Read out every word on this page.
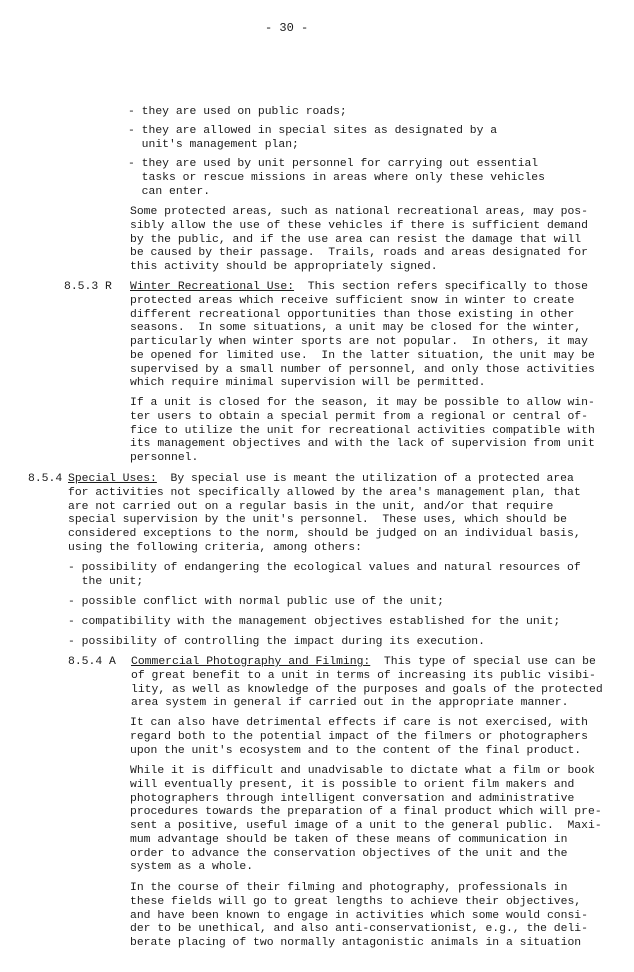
- 30 -
- they are used on public roads;
- they are allowed in special sites as designated by a
unit's management plan;
- they are used by unit personnel for carrying out essential
tasks or rescue missions in areas where only these vehicles
can enter.
Some protected areas, such as national recreational areas, may pos-
sibly allow the use of these vehicles if there is sufficient demand
by the public, and if the use area can resist the damage that will
be caused by their passage.  Trails, roads and areas designated for
this activity should be appropriately signed.
8.5.3 R Winter Recreational Use:  This section refers specifically to those
protected areas which receive sufficient snow in winter to create
different recreational opportunities than those existing in other
seasons.  In some situations, a unit may be closed for the winter,
particularly when winter sports are not popular.  In others, it may
be opened for limited use.  In the latter situation, the unit may be
supervised by a small number of personnel, and only those activities
which require minimal supervision will be permitted.
If a unit is closed for the season, it may be possible to allow win-
ter users to obtain a special permit from a regional or central of-
fice to utilize the unit for recreational activities compatible with
its management objectives and with the lack of supervision from unit
personnel.
8.5.4 Special Uses:  By special use is meant the utilization of a protected area
for activities not specifically allowed by the area's management plan, that
are not carried out on a regular basis in the unit, and/or that require
special supervision by the unit's personnel.  These uses, which should be
considered exceptions to the norm, should be judged on an individual basis,
using the following criteria, among others:
- possibility of endangering the ecological values and natural resources of
the unit;
- possible conflict with normal public use of the unit;
- compatibility with the management objectives established for the unit;
- possibility of controlling the impact during its execution.
8.5.4 A Commercial Photography and Filming:  This type of special use can be
of great benefit to a unit in terms of increasing its public visibi-
lity, as well as knowledge of the purposes and goals of the protected
area system in general if carried out in the appropriate manner.
It can also have detrimental effects if care is not exercised, with
regard both to the potential impact of the filmers or photographers
upon the unit's ecosystem and to the content of the final product.
While it is difficult and unadvisable to dictate what a film or book
will eventually present, it is possible to orient film makers and
photographers through intelligent conversation and administrative
procedures towards the preparation of a final product which will pre-
sent a positive, useful image of a unit to the general public.  Maxi-
mum advantage should be taken of these means of communication in
order to advance the conservation objectives of the unit and the
system as a whole.
In the course of their filming and photography, professionals in
these fields will go to great lengths to achieve their objectives,
and have been known to engage in activities which some would consi-
der to be unethical, and also anti-conservationist, e.g., the deli-
berate placing of two normally antagonistic animals in a situation
